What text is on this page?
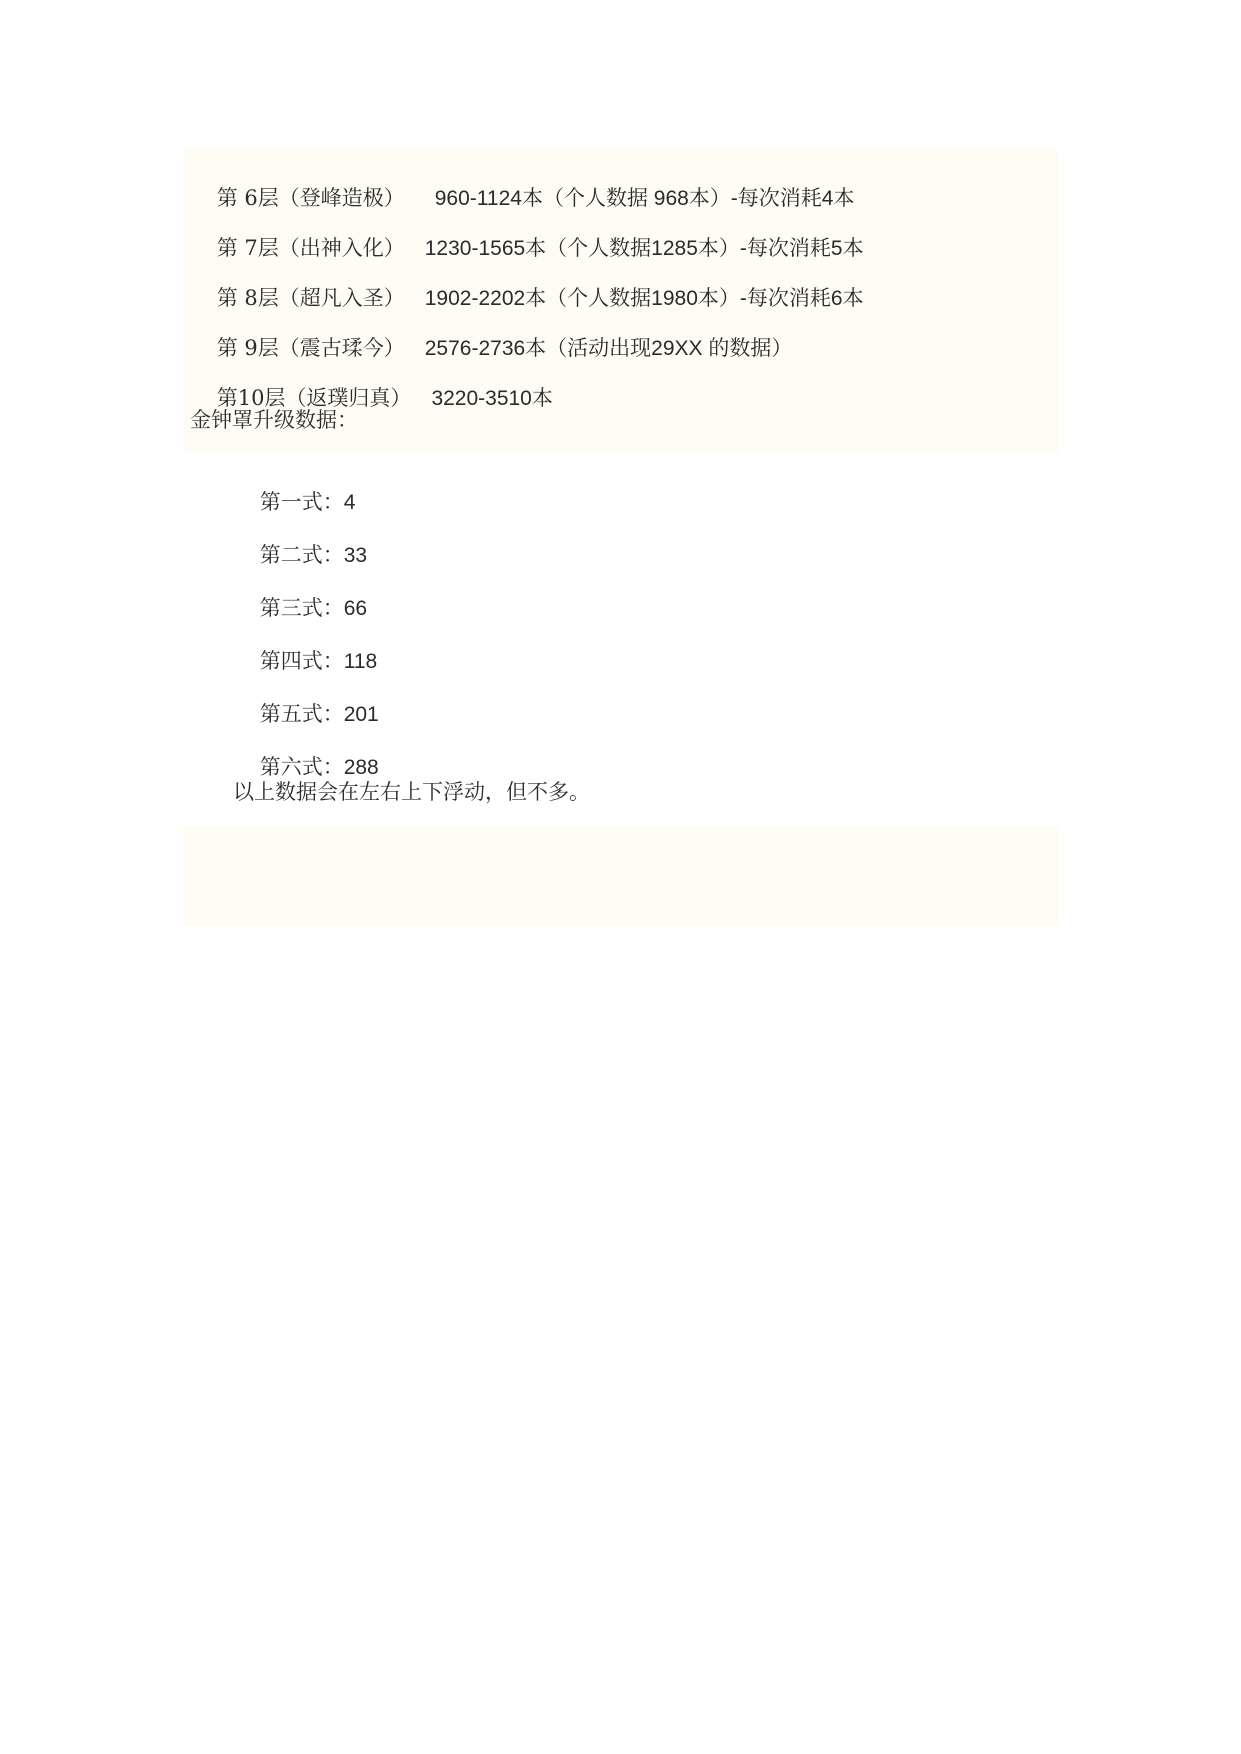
第 6层（登峰造极） 960-1124本（个人数据 968本）-每次消耗4本

第 7层（出神入化） 1230-1565本（个人数据1285本）-每次消耗5本

第 8层（超凡入圣） 1902-2202本（个人数据1980本）-每次消耗6本

第 9层（震古瑈今） 2576-2736本（活动出现29XX 的数据）

第10层（返璞归真） 3220-3510本

金钟罩升级数据：

第一式：4

第二式：33

第三式：66

第四式：118

第五式：201

第六式：288

以上数据会在左右上下浮动，但不多。
